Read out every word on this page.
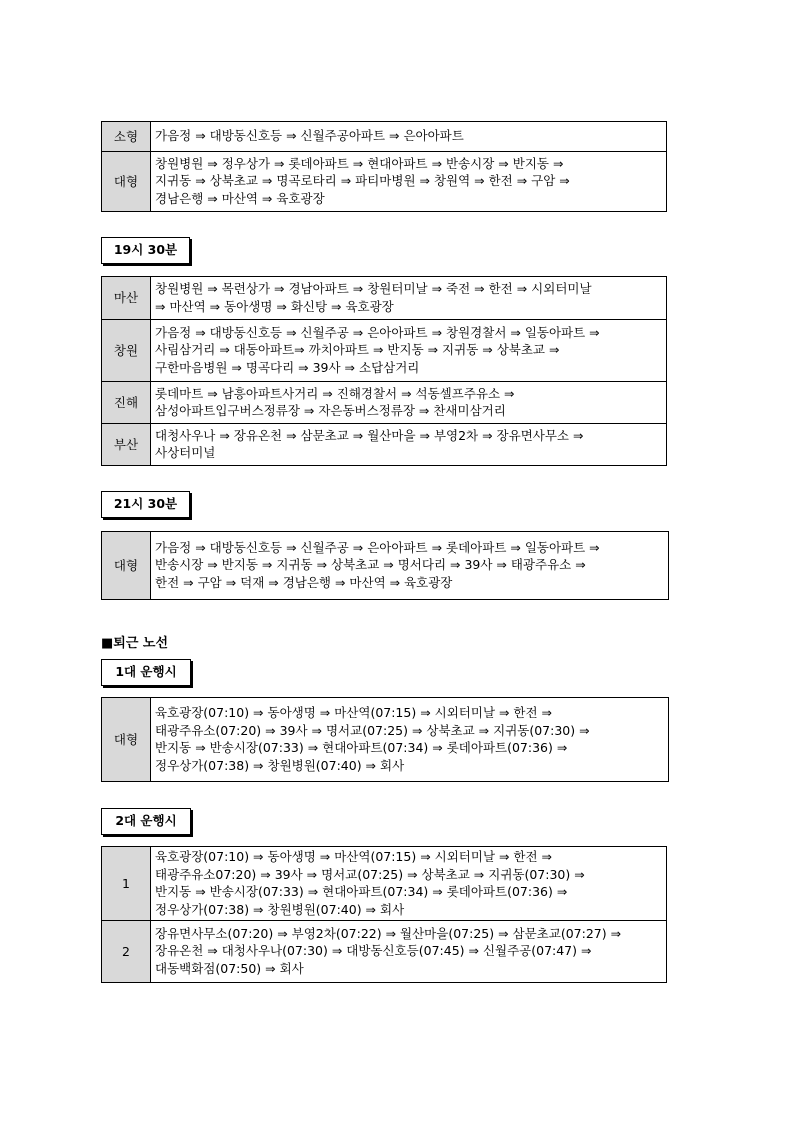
소형	가음정 ⇒ 대방동신호등 ⇒ 신월주공아파트 ⇒ 은아아파트

대형	창원병원 ⇒ 정우상가 ⇒ 롯데아파트 ⇒ 현대아파트 ⇒ 반송시장 ⇒ 반지동 ⇒
지귀동 ⇒ 상북초교 ⇒ 명곡로타리 ⇒ 파티마병원 ⇒ 창원역 ⇒ 한전 ⇒ 구암 ⇒
경남은행 ⇒ 마산역 ⇒ 육호광장
19시 30분
마산	창원병원 ⇒ 목련상가 ⇒ 경남아파트 ⇒ 창원터미날 ⇒ 죽전 ⇒ 한전 ⇒ 시외터미날
⇒ 마산역 ⇒ 동아생명 ⇒ 화신탕 ⇒ 육호광장

창원	가음정 ⇒ 대방동신호등 ⇒ 신월주공 ⇒ 은아아파트 ⇒ 창원경찰서 ⇒ 일동아파트 ⇒
사림삼거리 ⇒ 대동아파트⇒ 까치아파트 ⇒ 반지동 ⇒ 지귀동 ⇒ 상북초교 ⇒
구한마음병원 ⇒ 명곡다리 ⇒ 39사 ⇒ 소답삼거리

진해	롯데마트 ⇒ 남흥아파트사거리 ⇒ 진해경찰서 ⇒ 석동셀프주유소 ⇒
삼성아파트입구버스정류장 ⇒ 자은동버스정류장 ⇒ 찬새미삼거리

부산	대청사우나 ⇒ 장유온천 ⇒ 삼문초교 ⇒ 월산마을 ⇒ 부영2차 ⇒ 장유면사무소 ⇒
사상터미널
21시 30분
대형	
가음정 ⇒ 대방동신호등 ⇒ 신월주공 ⇒ 은아아파트 ⇒ 롯데아파트 ⇒ 일동아파트 ⇒
반송시장 ⇒ 반지동 ⇒ 지귀동 ⇒ 상북초교 ⇒ 명서다리 ⇒ 39사 ⇒ 태광주유소 ⇒
한전 ⇒ 구암 ⇒ 덕재 ⇒ 경남은행 ⇒ 마산역 ⇒ 육호광장
■퇴근 노선
1대 운행시
대형	
육호광장(07:10) ⇒ 동아생명 ⇒ 마산역(07:15) ⇒ 시외터미날 ⇒ 한전 ⇒
태광주유소(07:20) ⇒ 39사 ⇒ 명서교(07:25) ⇒ 상북초교 ⇒ 지귀동(07:30) ⇒
반지동 ⇒ 반송시장(07:33) ⇒ 현대아파트(07:34) ⇒ 롯데아파트(07:36) ⇒
정우상가(07:38) ⇒ 창원병원(07:40) ⇒ 회사
2대 운행시
1	육호광장(07:10) ⇒ 동아생명 ⇒ 마산역(07:15) ⇒ 시외터미날 ⇒ 한전 ⇒
태광주유소07:20) ⇒ 39사 ⇒ 명서교(07:25) ⇒ 상북초교 ⇒ 지귀동(07:30) ⇒
반지동 ⇒ 반송시장(07:33) ⇒ 현대아파트(07:34) ⇒ 롯데아파트(07:36) ⇒
정우상가(07:38) ⇒ 창원병원(07:40) ⇒ 회사

2	장유면사무소(07:20) ⇒ 부영2차(07:22) ⇒ 월산마을(07:25) ⇒ 삼문초교(07:27) ⇒
장유온천 ⇒ 대청사우나(07:30) ⇒ 대방동신호등(07:45) ⇒ 신월주공(07:47) ⇒
대동백화점(07:50) ⇒ 회사
